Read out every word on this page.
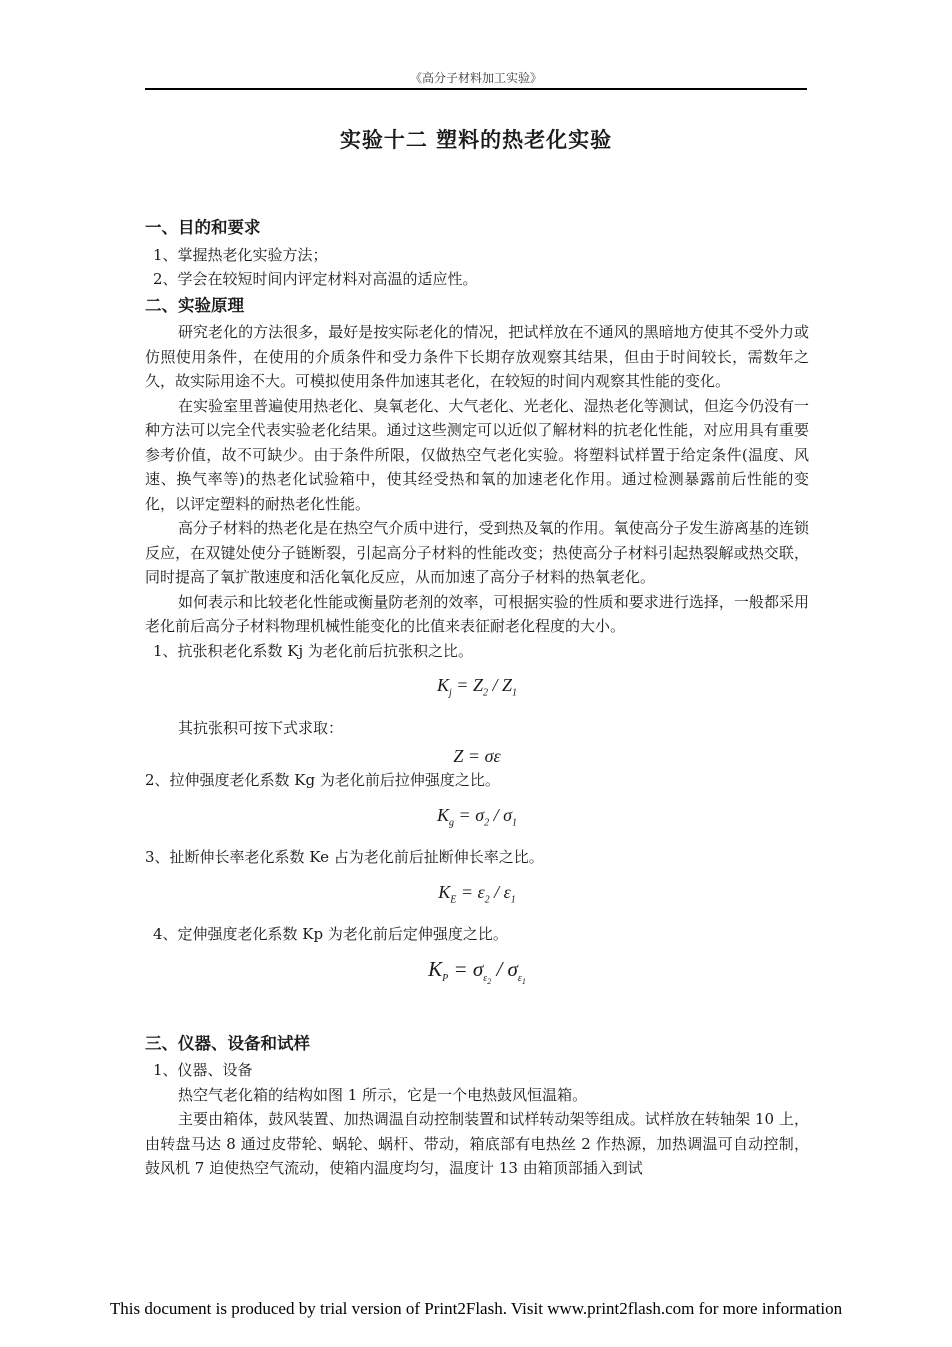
《高分子材料加工实验》
实验十二 塑料的热老化实验
一、目的和要求
1、掌握热老化实验方法；
2、学会在较短时间内评定材料对高温的适应性。
二、实验原理

研究老化的方法很多，最好是按实际老化的情况，把试样放在不通风的黑暗地方使其不受外力或仿照使用条件，在使用的介质条件和受力条件下长期存放观察其结果，但由于时间较长，需数年之久，故实际用途不大。可模拟使用条件加速其老化，在较短的时间内观察其性能的变化。

在实验室里普遍使用热老化、臭氧老化、大气老化、光老化、湿热老化等测试，但迄今仍没有一种方法可以完全代表实验老化结果。通过这些测定可以近似了解材料的抗老化性能，对应用具有重要参考价值，故不可缺少。由于条件所限，仅做热空气老化实验。将塑料试样置于给定条件(温度、风速、换气率等)的热老化试验箱中，使其经受热和氧的加速老化作用。通过检测暴露前后性能的变化，以评定塑料的耐热老化性能。

高分子材料的热老化是在热空气介质中进行，受到热及氧的作用。氧使高分子发生游离基的连锁反应，在双键处使分子链断裂，引起高分子材料的性能改变；热使高分子材料引起热裂解或热交联，同时提高了氧扩散速度和活化氧化反应，从而加速了高分子材料的热氧老化。

如何表示和比较老化性能或衡量防老剂的效率，可根据实验的性质和要求进行选择，一般都采用老化前后高分子材料物理机械性能变化的比值来表征耐老化程度的大小。

1、抗张积老化系数 Kj 为老化前后抗张积之比。
$K_j = Z_2 / Z_1$
其抗张积可按下式求取：
Z = σε
2、拉伸强度老化系数 Kg 为老化前后拉伸强度之比。
$K_g = \sigma_2 / \sigma_1$
3、扯断伸长率老化系数 Ke 占为老化前后扯断伸长率之比。
$K_E = \varepsilon_2 / \varepsilon_1$
4、定伸强度老化系数 Kp 为老化前后定伸强度之比。
$K_P = \sigma_{\varepsilon_2} / \sigma_{\varepsilon_1}$
三、仪器、设备和试样
1、仪器、设备

热空气老化箱的结构如图 1 所示，它是一个电热鼓风恒温箱。

主要由箱体，鼓风装置、加热调温自动控制装置和试样转动架等组成。试样放在转轴架 10 上，由转盘马达 8 通过皮带轮、蜗轮、蜗杆、带动，箱底部有电热丝 2 作热源，加热调温可自动控制，鼓风机 7 迫使热空气流动，使箱内温度均匀，温度计 13 由箱顶部插入到试

This document is produced by trial version of Print2Flash. Visit www.print2flash.com for more information
